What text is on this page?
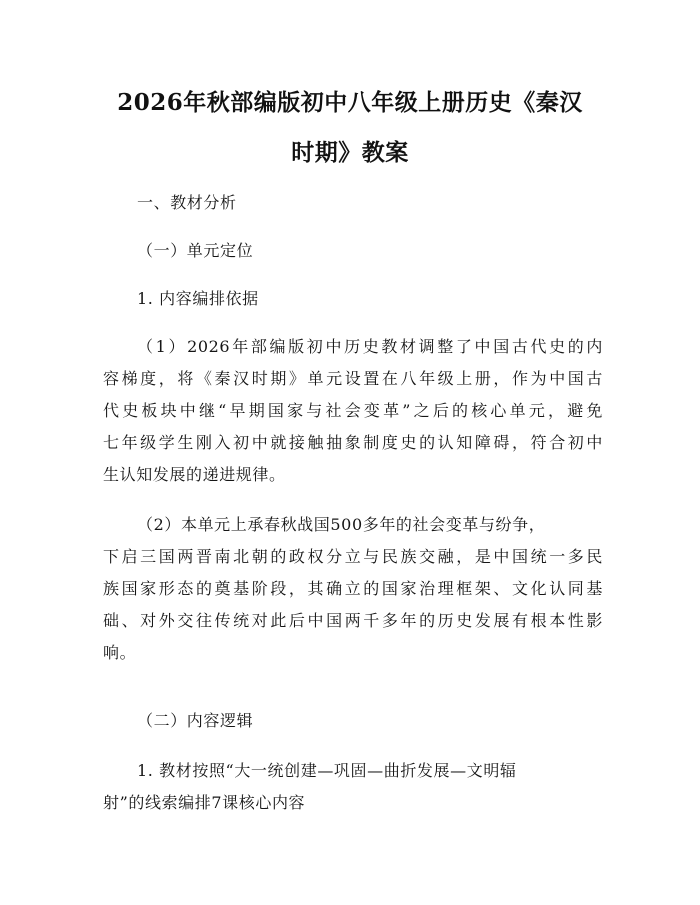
2026年秋部编版初中八年级上册历史《秦汉
时期》教案
一、教材分析
（一）单元定位
1. 内容编排依据
（1）2026年部编版初中历史教材调整了中国古代史的内
容梯度，将《秦汉时期》单元设置在八年级上册，作为中国古
代史板块中继“早期国家与社会变革”之后的核心单元，避免
七年级学生刚入初中就接触抽象制度史的认知障碍，符合初中
生认知发展的递进规律。
（2）本单元上承春秋战国500多年的社会变革与纷争，
下启三国两晋南北朝的政权分立与民族交融，是中国统一多民
族国家形态的奠基阶段，其确立的国家治理框架、文化认同基
础、对外交往传统对此后中国两千多年的历史发展有根本性影
响。
（二）内容逻辑
1. 教材按照“大一统创建—巩固—曲折发展—文明辐
射”的线索编排7课核心内容
